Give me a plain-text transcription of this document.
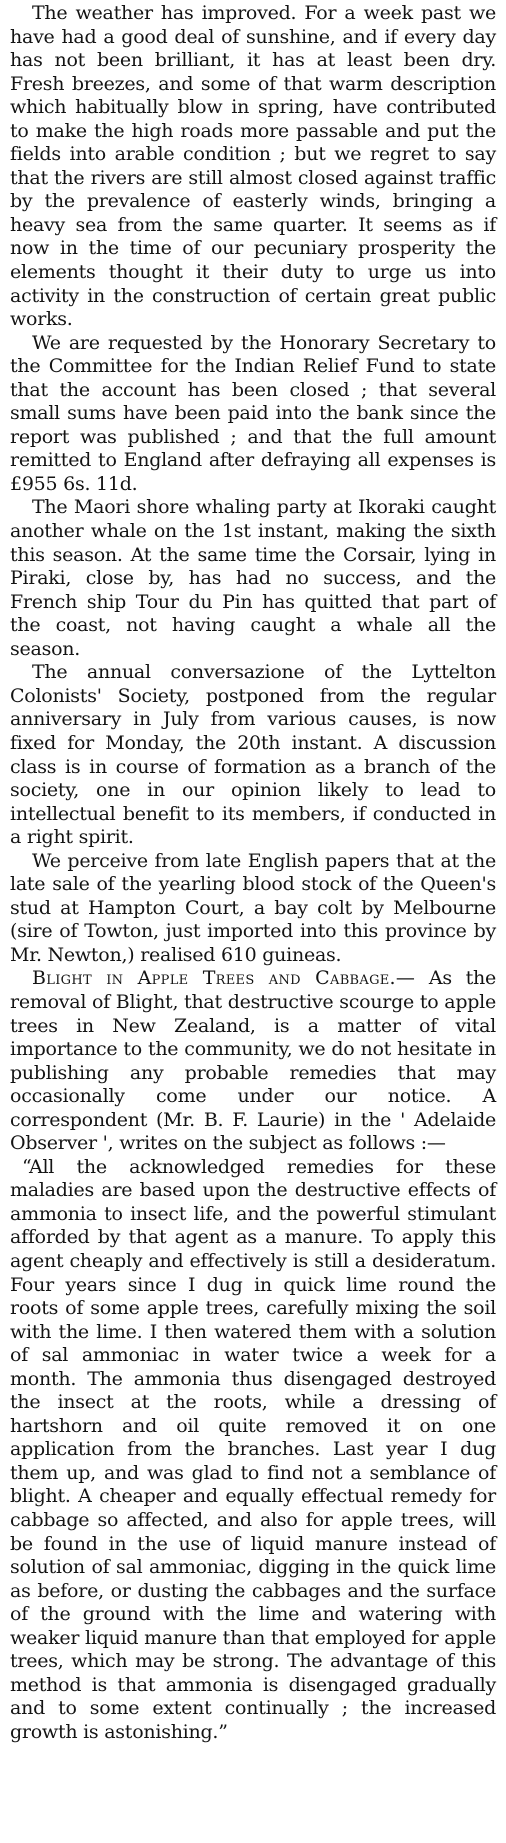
The weather has improved. For a week past we have had a good deal of sunshine, and if every day has not been brilliant, it has at least been dry. Fresh breezes, and some of that warm description which habitually blow in spring, have contributed to make the high roads more passable and put the fields into arable condition ; but we regret to say that the rivers are still almost closed against traffic by the prevalence of easterly winds, bringing a heavy sea from the same quarter. It seems as if now in the time of our pecuniary prosperity the elements thought it their duty to urge us into activity in the construction of certain great public works.

We are requested by the Honorary Secretary to the Committee for the Indian Relief Fund to state that the account has been closed ; that several small sums have been paid into the bank since the report was published ; and that the full amount remitted to England after defraying all expenses is £955 6s. 11d.

The Maori shore whaling party at Ikoraki caught another whale on the 1st instant, making the sixth this season. At the same time the Corsair, lying in Piraki, close by, has had no success, and the French ship Tour du Pin has quitted that part of the coast, not having caught a whale all the season.

The annual conversazione of the Lyttelton Colonists' Society, postponed from the regular anniversary in July from various causes, is now fixed for Monday, the 20th instant. A discussion class is in course of formation as a branch of the society, one in our opinion likely to lead to intellectual benefit to its members, if conducted in a right spirit.

We perceive from late English papers that at the late sale of the yearling blood stock of the Queen's stud at Hampton Court, a bay colt by Melbourne (sire of Towton, just imported into this province by Mr. Newton,) realised 610 guineas.

Blight in Apple Trees and Cabbage.— As the removal of Blight, that destructive scourge to apple trees in New Zealand, is a matter of vital importance to the community, we do not hesitate in publishing any probable remedies that may occasionally come under our notice. A correspondent (Mr. B. F. Laurie) in the ' Adelaide Observer ', writes on the subject as follows :—

“All the acknowledged remedies for these maladies are based upon the destructive effects of ammonia to insect life, and the powerful stimulant afforded by that agent as a manure. To apply this agent cheaply and effectively is still a desideratum. Four years since I dug in quick lime round the roots of some apple trees, carefully mixing the soil with the lime. I then watered them with a solution of sal ammoniac in water twice a week for a month. The ammonia thus disengaged destroyed the insect at the roots, while a dressing of hartshorn and oil quite removed it on one application from the branches. Last year I dug them up, and was glad to find not a semblance of blight. A cheaper and equally effectual remedy for cabbage so affected, and also for apple trees, will be found in the use of liquid manure instead of solution of sal ammoniac, digging in the quick lime as before, or dusting the cabbages and the surface of the ground with the lime and watering with weaker liquid manure than that employed for apple trees, which may be strong. The advantage of this method is that ammonia is disengaged gradually and to some extent continually ; the increased growth is astonishing.”
